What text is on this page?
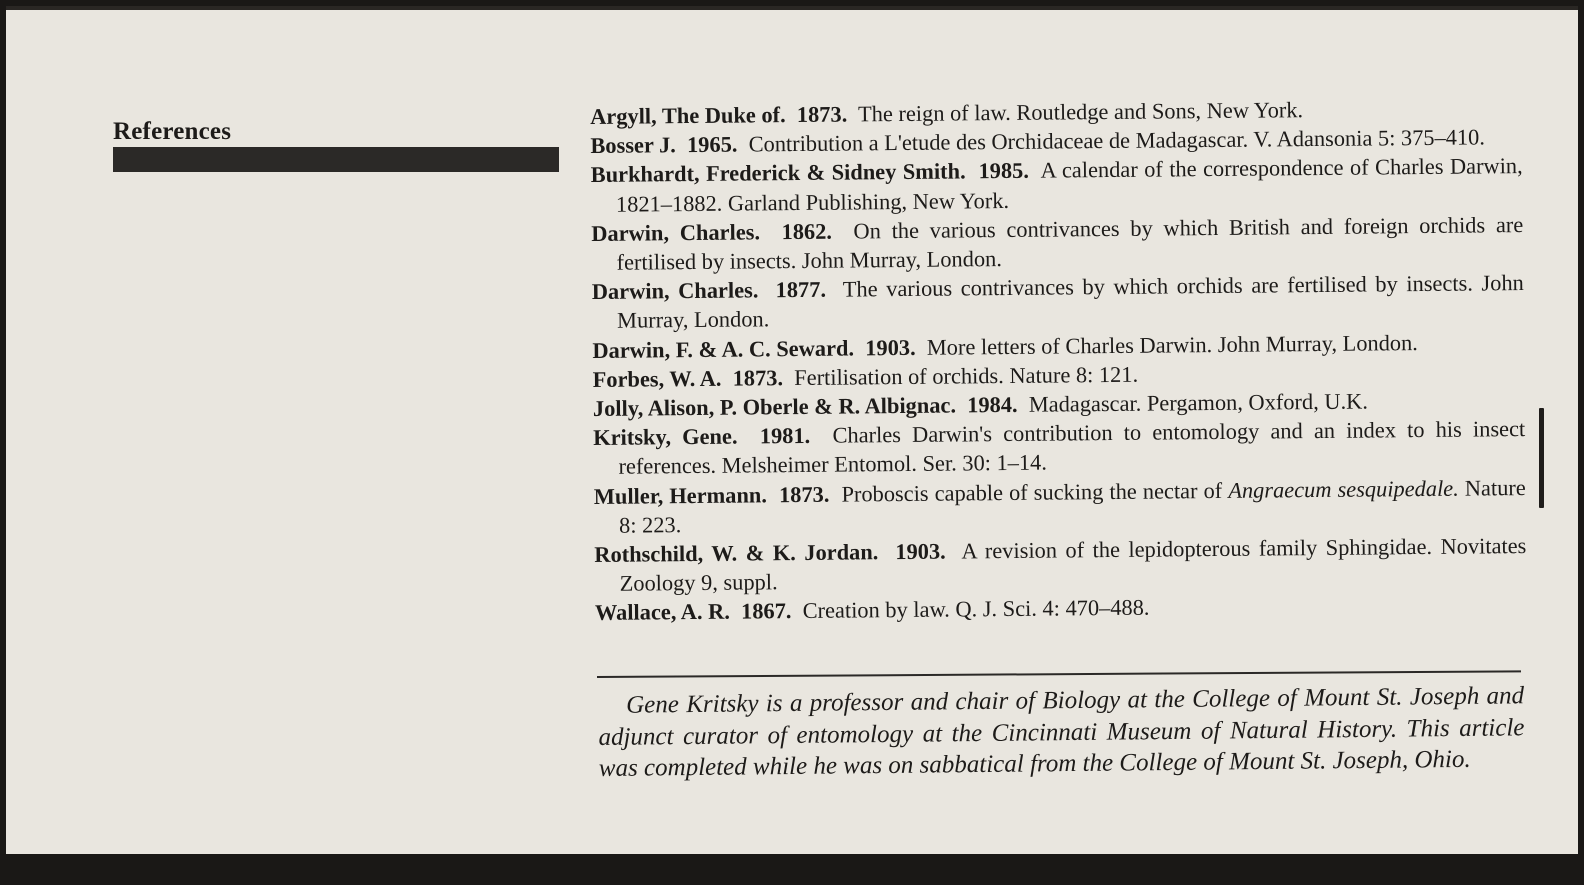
References
Argyll, The Duke of. 1873. The reign of law. Routledge and Sons, New York.
Bosser J. 1965. Contribution a L'etude des Orchidaceae de Madagascar. V. Adansonia 5: 375–410.
Burkhardt, Frederick & Sidney Smith. 1985. A calendar of the correspondence of Charles Darwin, 1821–1882. Garland Publishing, New York.
Darwin, Charles. 1862. On the various contrivances by which British and foreign orchids are fertilised by insects. John Murray, London.
Darwin, Charles. 1877. The various contrivances by which orchids are fertilised by insects. John Murray, London.
Darwin, F. & A. C. Seward. 1903. More letters of Charles Darwin. John Murray, London.
Forbes, W. A. 1873. Fertilisation of orchids. Nature 8: 121.
Jolly, Alison, P. Oberle & R. Albignac. 1984. Madagascar. Pergamon, Oxford, U.K.
Kritsky, Gene. 1981. Charles Darwin's contribution to entomology and an index to his insect references. Melsheimer Entomol. Ser. 30: 1–14.
Muller, Hermann. 1873. Proboscis capable of sucking the nectar of Angraecum sesquipedale. Nature 8: 223.
Rothschild, W. & K. Jordan. 1903. A revision of the lepidopterous family Sphingidae. Novitates Zoology 9, suppl.
Wallace, A. R. 1867. Creation by law. Q. J. Sci. 4: 470–488.
Gene Kritsky is a professor and chair of Biology at the College of Mount St. Joseph and adjunct curator of entomology at the Cincinnati Museum of Natural History. This article was completed while he was on sabbatical from the College of Mount St. Joseph, Ohio.
